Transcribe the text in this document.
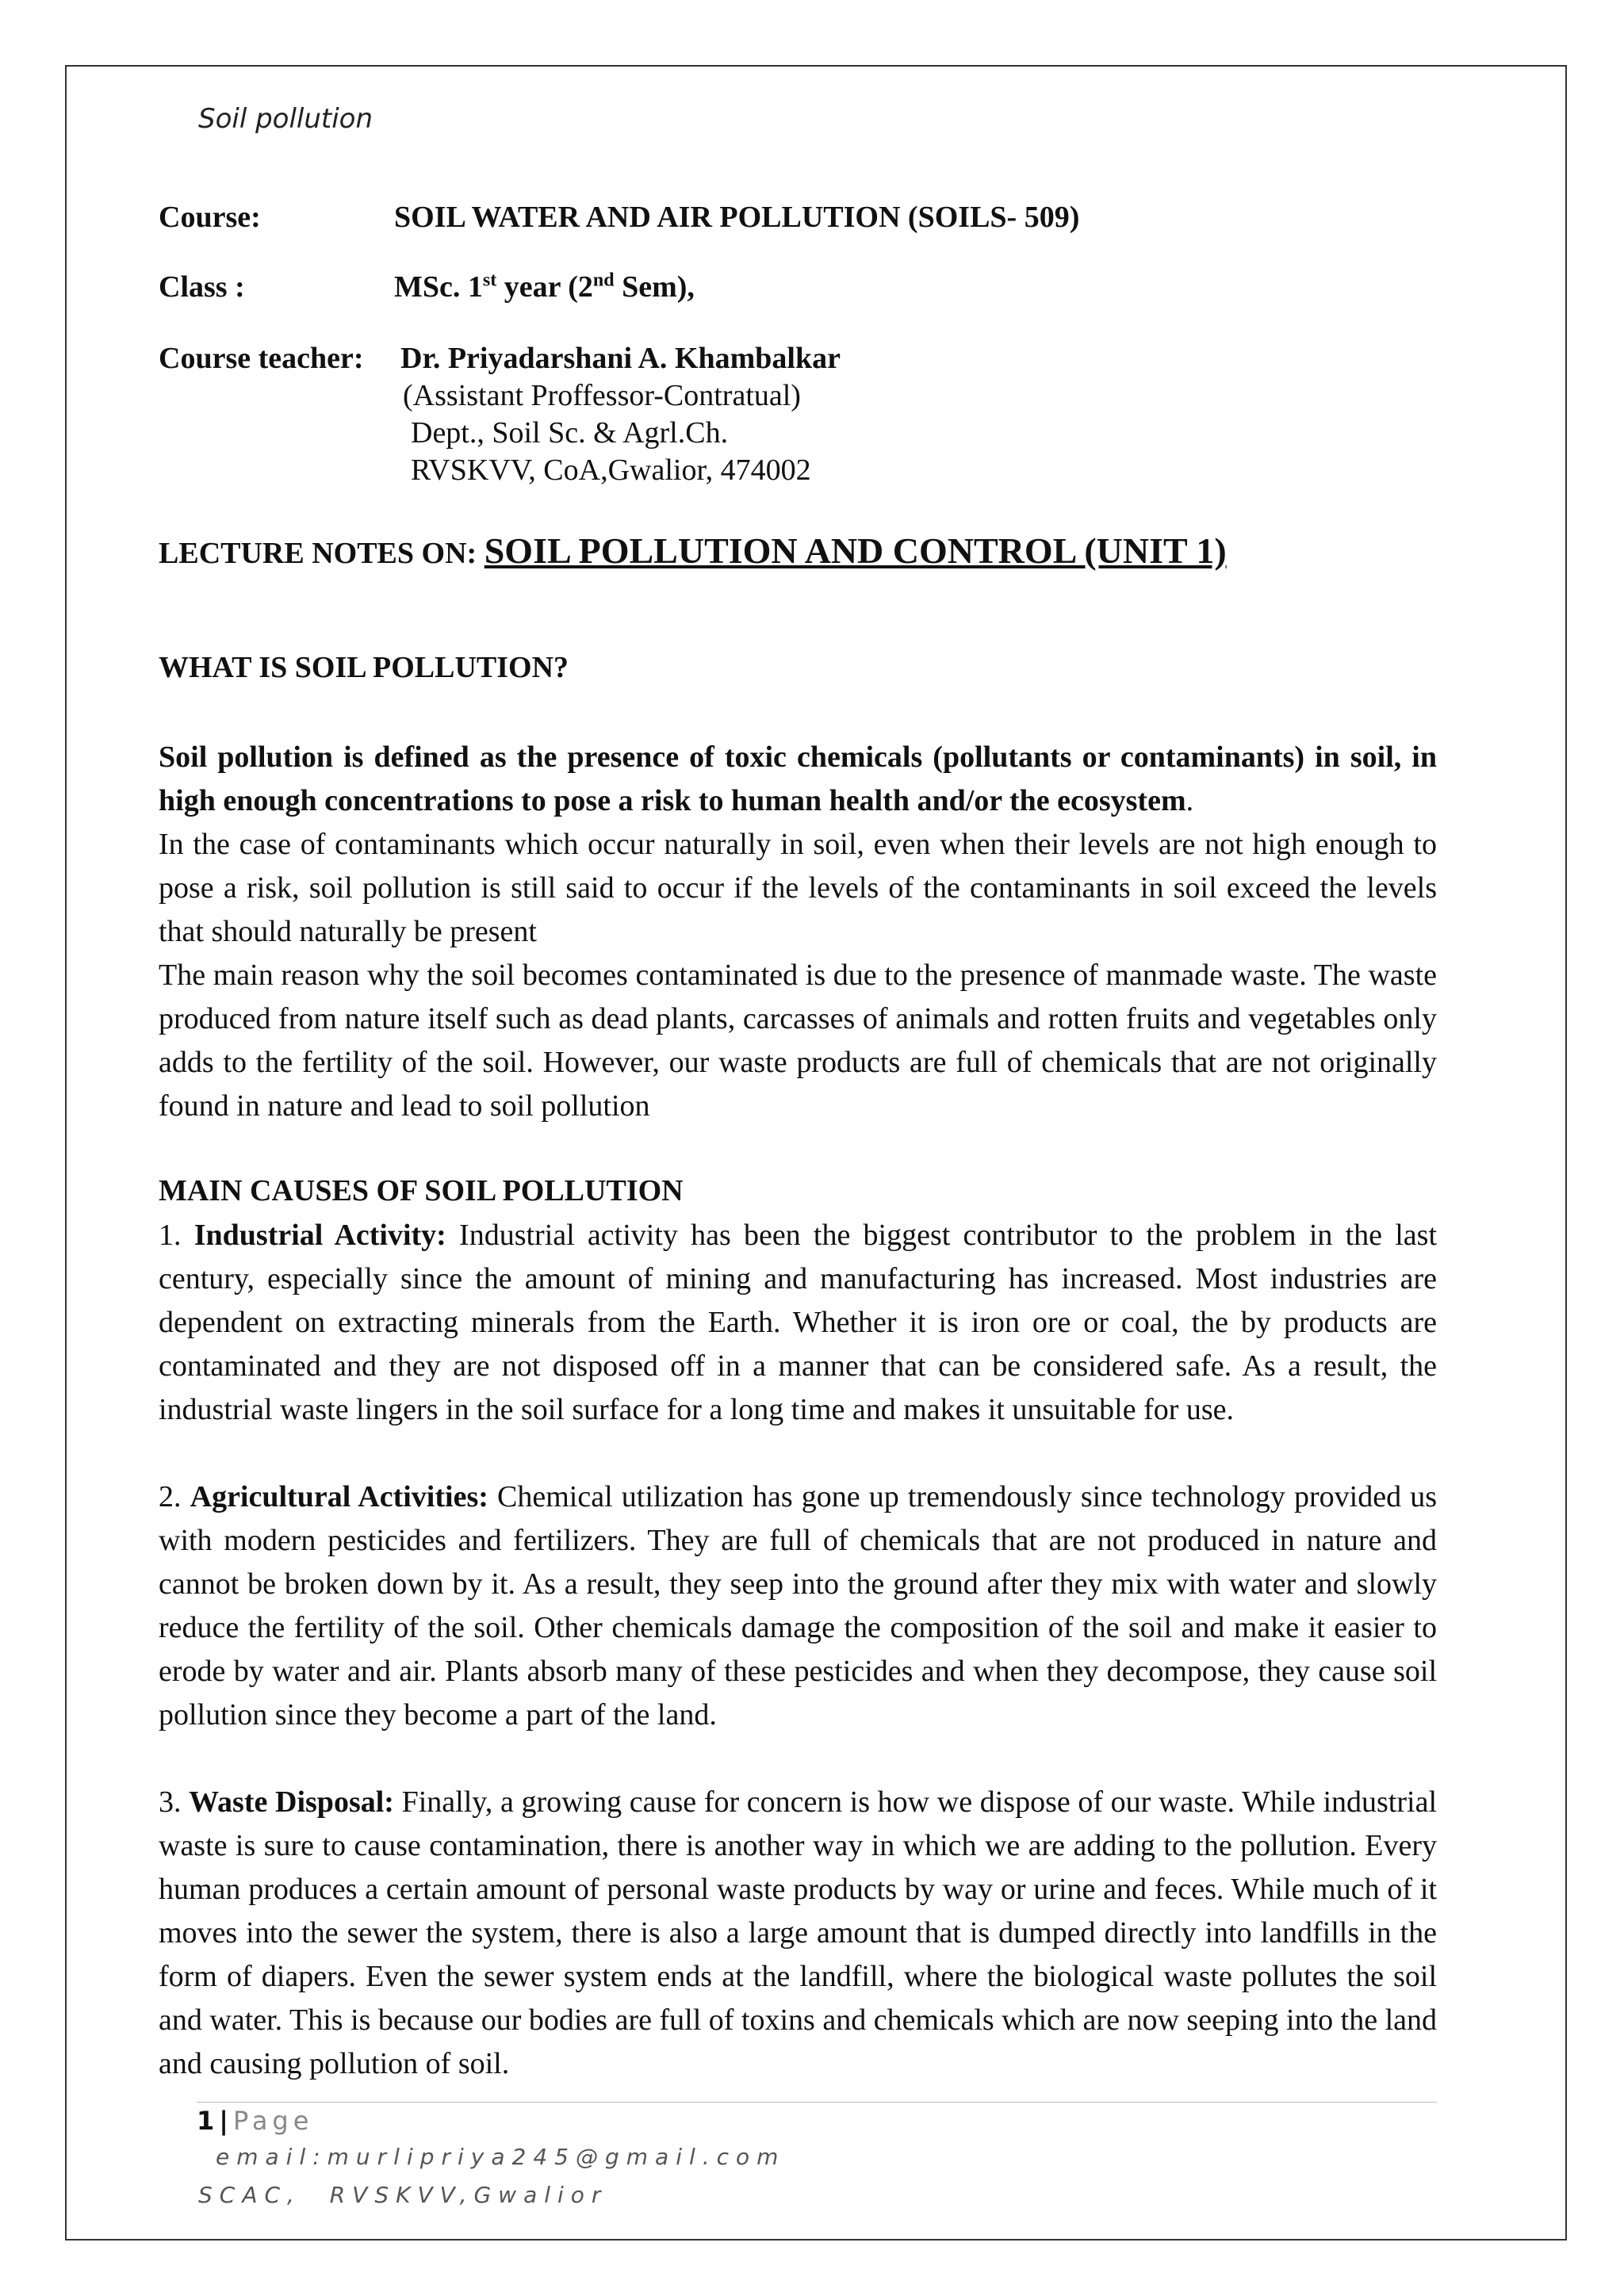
Soil pollution
Course:	SOIL WATER AND AIR POLLUTION (SOILS- 509)
Class :	MSc. 1st year (2nd Sem),
Course teacher: Dr. Priyadarshani A. Khambalkar
(Assistant Proffessor-Contratual)
Dept., Soil Sc. & Agrl.Ch.
RVSKVV, CoA,Gwalior, 474002
LECTURE NOTES ON: SOIL POLLUTION AND CONTROL (UNIT 1)
WHAT IS SOIL POLLUTION?

Soil pollution is defined as the presence of toxic chemicals (pollutants or contaminants) in soil, in high enough concentrations to pose a risk to human health and/or the ecosystem.

In the case of contaminants which occur naturally in soil, even when their levels are not high enough to pose a risk, soil pollution is still said to occur if the levels of the contaminants in soil exceed the levels that should naturally be present

The main reason why the soil becomes contaminated is due to the presence of manmade waste. The waste produced from nature itself such as dead plants, carcasses of animals and rotten fruits and vegetables only adds to the fertility of the soil. However, our waste products are full of chemicals that are not originally found in nature and lead to soil pollution

MAIN CAUSES OF SOIL POLLUTION

1. Industrial Activity: Industrial activity has been the biggest contributor to the problem in the last century, especially since the amount of mining and manufacturing has increased. Most industries are dependent on extracting minerals from the Earth. Whether it is iron ore or coal, the by products are contaminated and they are not disposed off in a manner that can be considered safe. As a result, the industrial waste lingers in the soil surface for a long time and makes it unsuitable for use.

2. Agricultural Activities: Chemical utilization has gone up tremendously since technology provided us with modern pesticides and fertilizers. They are full of chemicals that are not produced in nature and cannot be broken down by it. As a result, they seep into the ground after they mix with water and slowly reduce the fertility of the soil. Other chemicals damage the composition of the soil and make it easier to erode by water and air. Plants absorb many of these pesticides and when they decompose, they cause soil pollution since they become a part of the land.

3. Waste Disposal: Finally, a growing cause for concern is how we dispose of our waste. While industrial waste is sure to cause contamination, there is another way in which we are adding to the pollution. Every human produces a certain amount of personal waste products by way or urine and feces. While much of it moves into the sewer the system, there is also a large amount that is dumped directly into landfills in the form of diapers. Even the sewer system ends at the landfill, where the biological waste pollutes the soil and water. This is because our bodies are full of toxins and chemicals which are now seeping into the land and causing pollution of soil.

1 | Page
email:murlipriya245@gmail.com
SCAC,  RVSKVV,Gwalior
